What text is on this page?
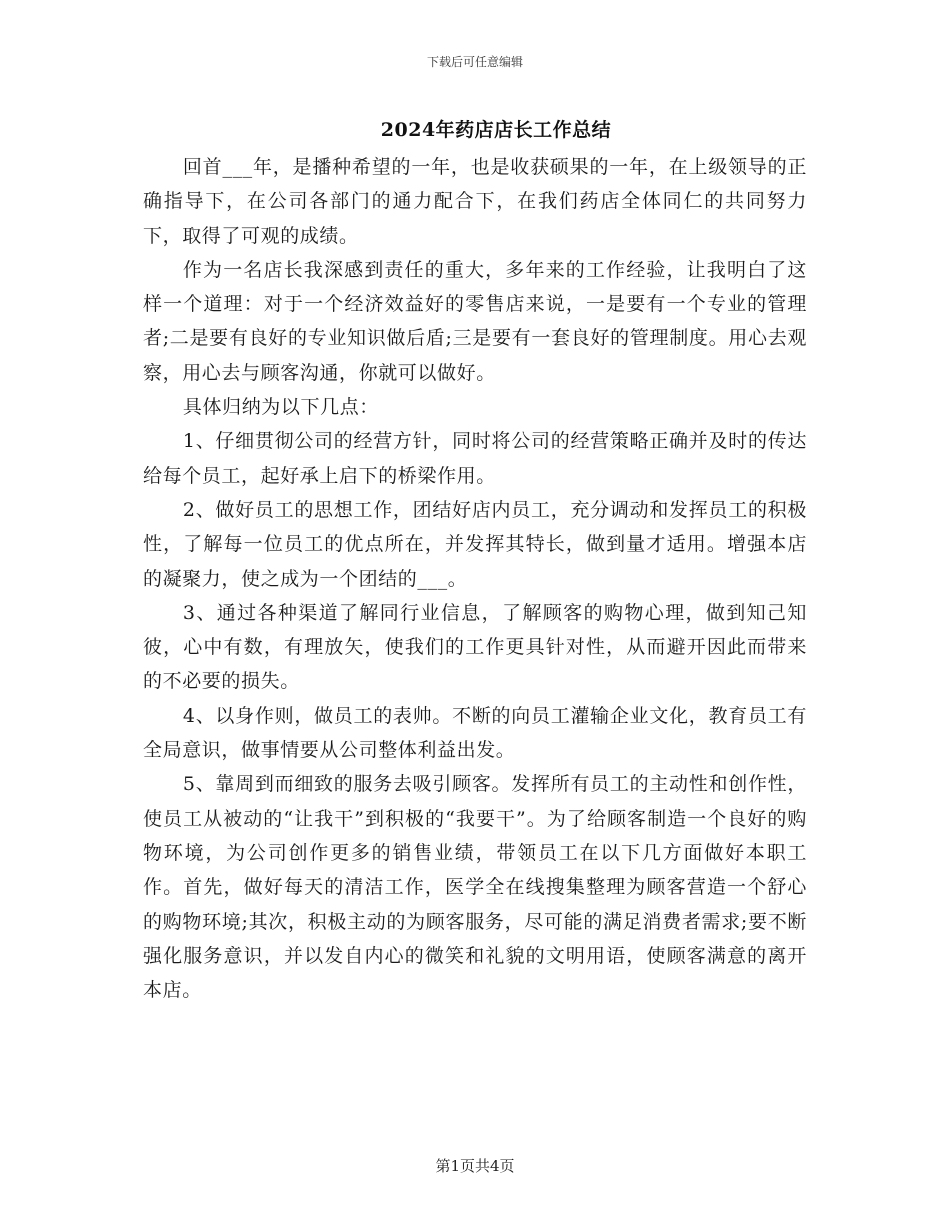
下载后可任意编辑
2024年药店店长工作总结

回首___年，是播种希望的一年，也是收获硕果的一年，在上级领导的正确指导下，在公司各部门的通力配合下，在我们药店全体同仁的共同努力下，取得了可观的成绩。

作为一名店长我深感到责任的重大，多年来的工作经验，让我明白了这样一个道理：对于一个经济效益好的零售店来说，一是要有一个专业的管理者;二是要有良好的专业知识做后盾;三是要有一套良好的管理制度。用心去观察，用心去与顾客沟通，你就可以做好。

具体归纳为以下几点：

1、仔细贯彻公司的经营方针，同时将公司的经营策略正确并及时的传达给每个员工，起好承上启下的桥梁作用。

2、做好员工的思想工作，团结好店内员工，充分调动和发挥员工的积极性，了解每一位员工的优点所在，并发挥其特长，做到量才适用。增强本店的凝聚力，使之成为一个团结的___。

3、通过各种渠道了解同行业信息，了解顾客的购物心理，做到知己知彼，心中有数，有理放矢，使我们的工作更具针对性，从而避开因此而带来的不必要的损失。

4、以身作则，做员工的表帅。不断的向员工灌输企业文化，教育员工有全局意识，做事情要从公司整体利益出发。

5、靠周到而细致的服务去吸引顾客。发挥所有员工的主动性和创作性，使员工从被动的“让我干”到积极的“我要干”。为了给顾客制造一个良好的购物环境，为公司创作更多的销售业绩，带领员工在以下几方面做好本职工作。首先，做好每天的清洁工作，医学全在线搜集整理为顾客营造一个舒心的购物环境;其次，积极主动的为顾客服务，尽可能的满足消费者需求;要不断强化服务意识，并以发自内心的微笑和礼貌的文明用语，使顾客满意的离开本店。

第1页共4页
